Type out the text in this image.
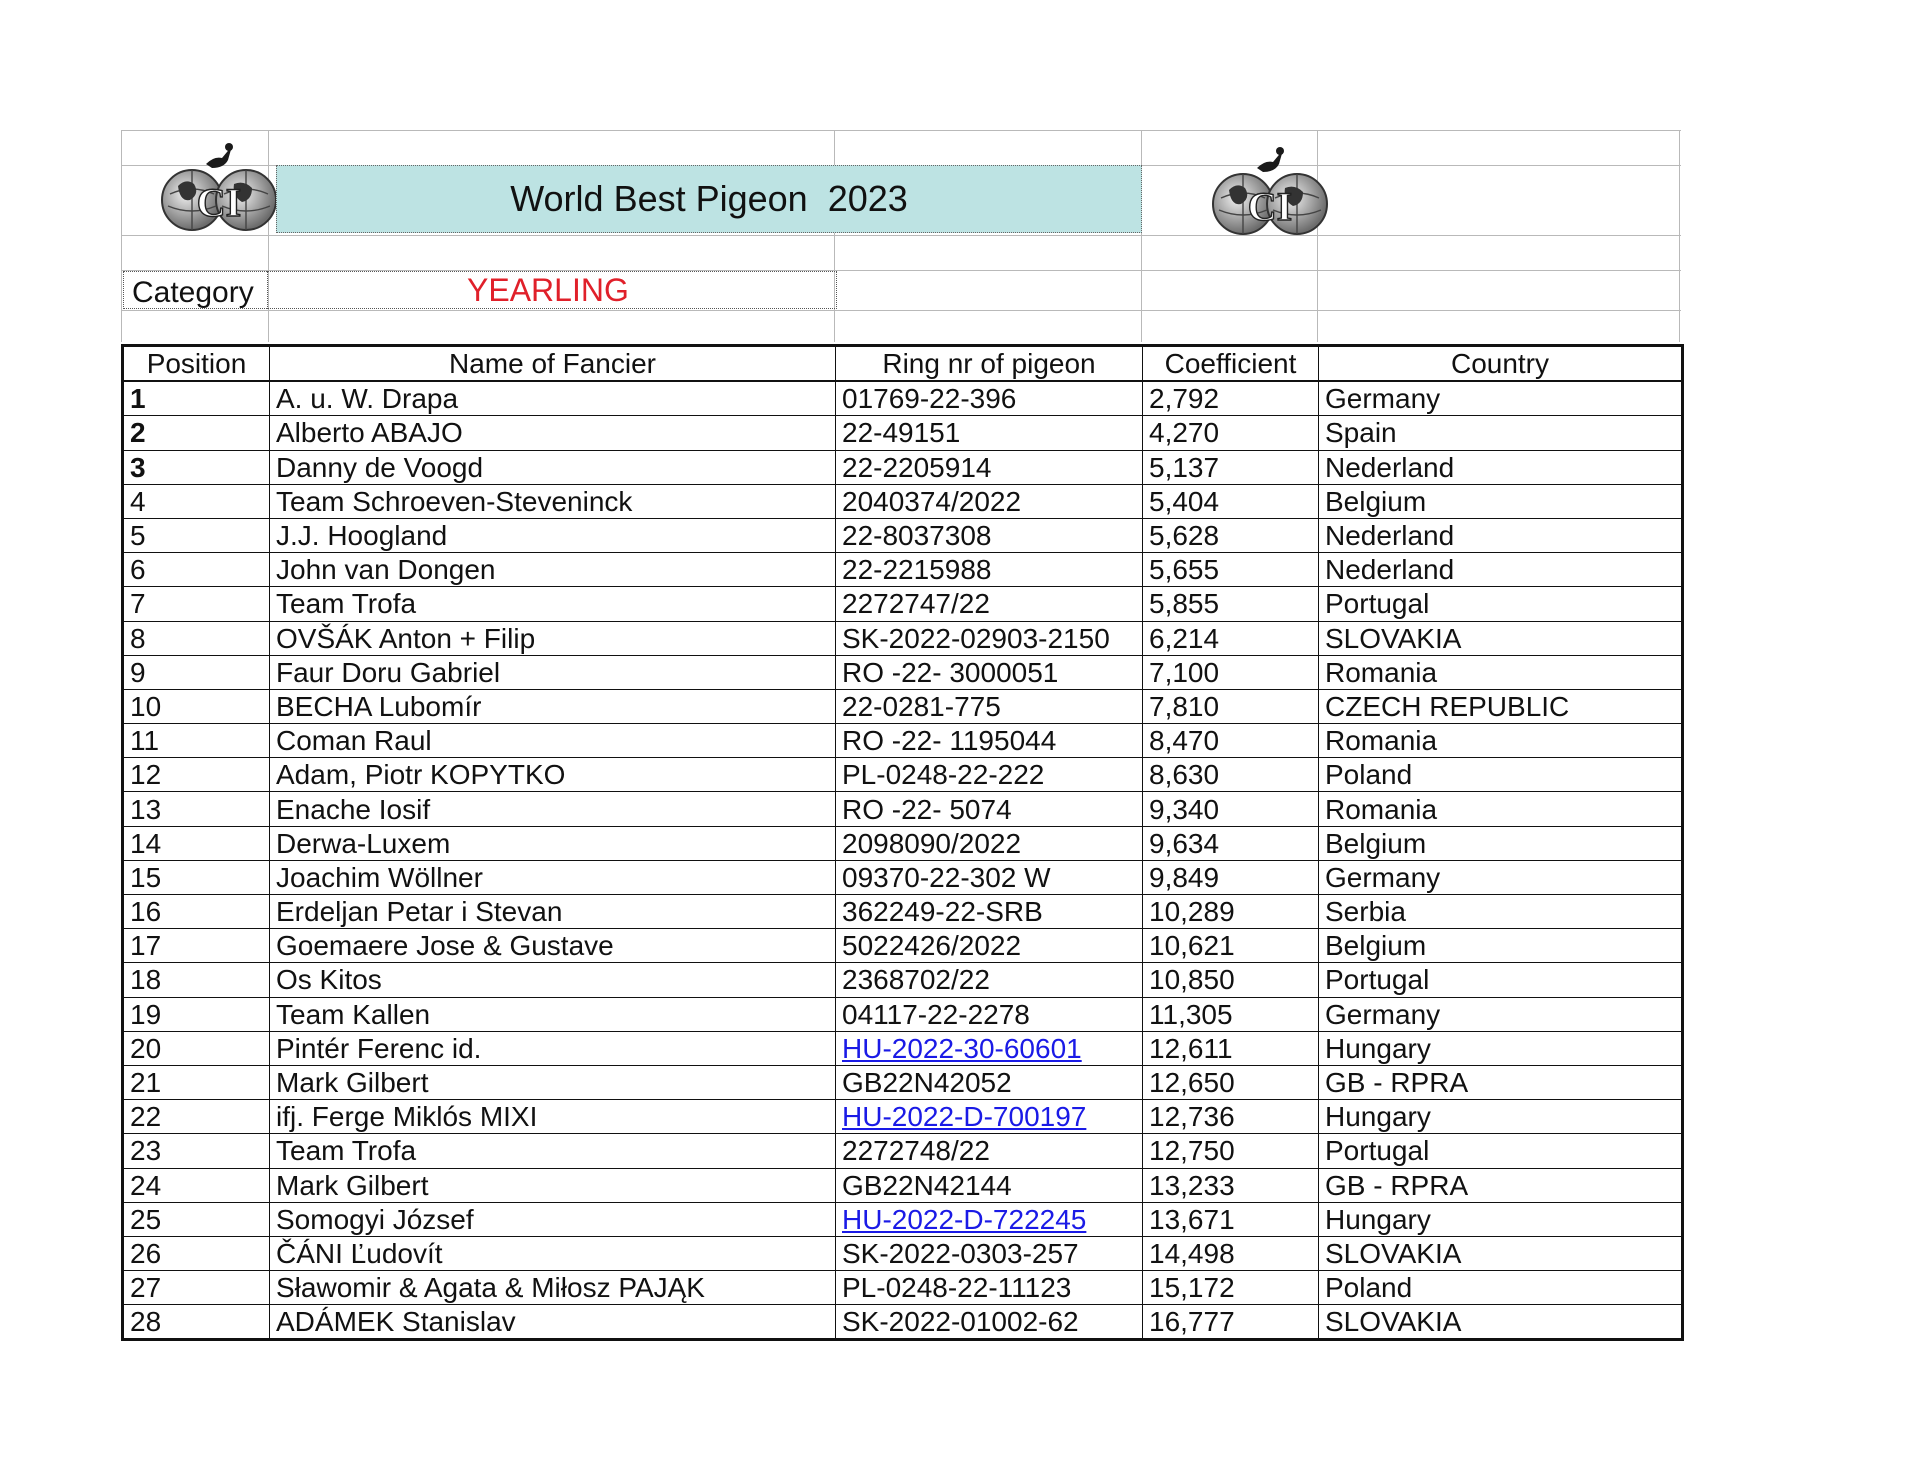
CI	CI
World Best Pigeon  2023
Category	YEARLING
Position	Name of Fancier	Ring nr of pigeon	Coefficient	Country
1	A. u. W. Drapa	01769-22-396	2,792	Germany
2	Alberto ABAJO	22-49151	4,270	Spain
3	Danny de Voogd	22-2205914	5,137	Nederland
4	Team Schroeven-Steveninck	2040374/2022	5,404	Belgium
5	J.J. Hoogland	22-8037308	5,628	Nederland
6	John van Dongen	22-2215988	5,655	Nederland
7	Team Trofa	2272747/22	5,855	Portugal
8	OVŠÁK Anton + Filip	SK-2022-02903-2150	6,214	SLOVAKIA
9	Faur Doru Gabriel	RO -22- 3000051	7,100	Romania
10	BECHA Lubomír	22-0281-775	7,810	CZECH REPUBLIC
11	Coman Raul	RO -22- 1195044	8,470	Romania
12	Adam, Piotr KOPYTKO	PL-0248-22-222	8,630	Poland
13	Enache Iosif	RO -22- 5074	9,340	Romania
14	Derwa-Luxem	2098090/2022	9,634	Belgium
15	Joachim Wöllner	09370-22-302 W	9,849	Germany
16	Erdeljan Petar i Stevan	362249-22-SRB	10,289	Serbia
17	Goemaere Jose & Gustave	5022426/2022	10,621	Belgium
18	Os Kitos	2368702/22	10,850	Portugal
19	Team Kallen	04117-22-2278	11,305	Germany
20	Pintér Ferenc id.	HU-2022-30-60601	12,611	Hungary
21	Mark Gilbert	GB22N42052	12,650	GB - RPRA
22	ifj. Ferge Miklós MIXI	HU-2022-D-700197	12,736	Hungary
23	Team Trofa	2272748/22	12,750	Portugal
24	Mark Gilbert	GB22N42144	13,233	GB - RPRA
25	Somogyi József	HU-2022-D-722245	13,671	Hungary
26	ČÁNI Ľudovít	SK-2022-0303-257	14,498	SLOVAKIA
27	Sławomir & Agata & Miłosz PAJĄK	PL-0248-22-11123	15,172	Poland
28	ADÁMEK Stanislav	SK-2022-01002-62	16,777	SLOVAKIA
